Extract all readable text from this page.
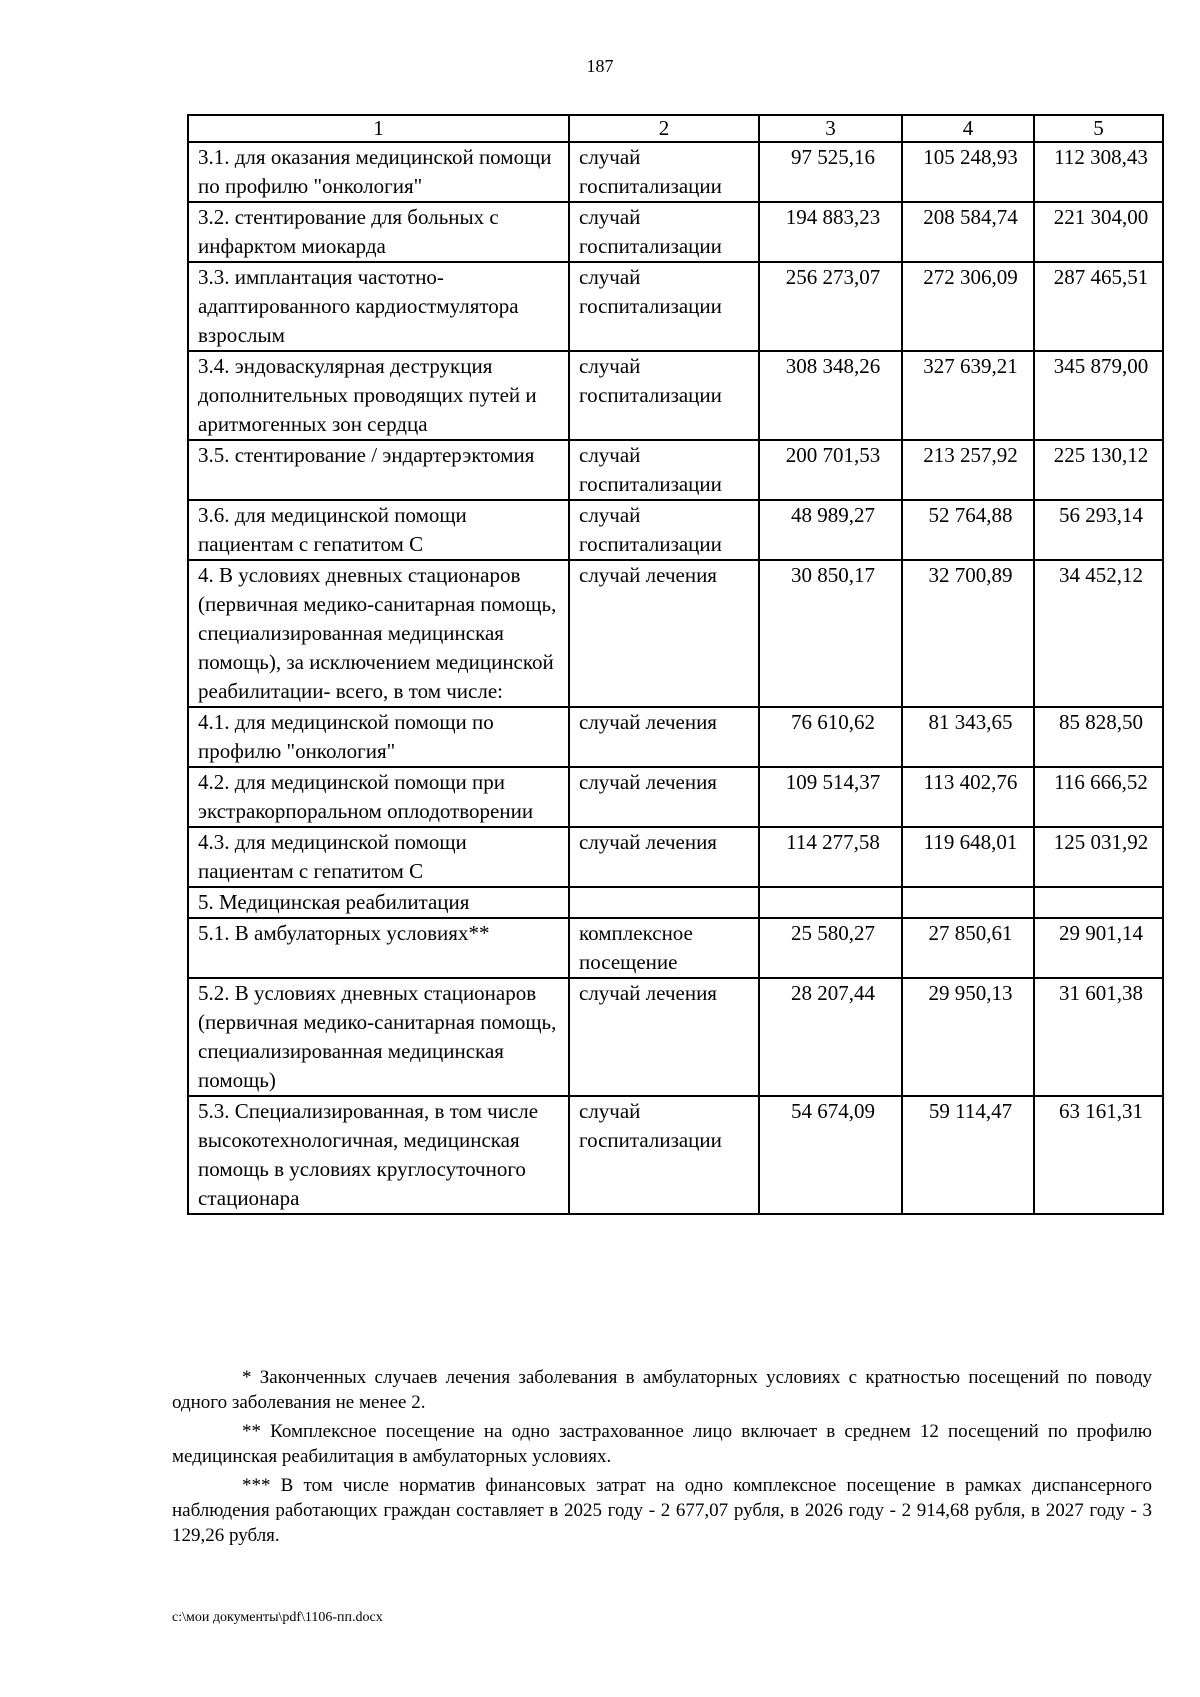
187
1	2	3	4	5
3.1. для оказания медицинской помощи по профилю "онкология"	случай госпитализации	97 525,16	105 248,93	112 308,43
3.2. стентирование для больных с инфарктом миокарда	случай госпитализации	194 883,23	208 584,74	221 304,00
3.3. имплантация частотно-адаптированного кардиостмулятора взрослым	случай госпитализации	256 273,07	272 306,09	287 465,51
3.4. эндоваскулярная деструкция дополнительных проводящих путей и аритмогенных зон сердца	случай госпитализации	308 348,26	327 639,21	345 879,00
3.5. стентирование / эндартерэктомия	случай госпитализации	200 701,53	213 257,92	225 130,12
3.6. для медицинской помощи пациентам с гепатитом С	случай госпитализации	48 989,27	52 764,88	56 293,14
4. В условиях дневных стационаров (первичная медико-санитарная помощь, специализированная медицинская помощь), за исключением медицинской реабилитации- всего, в том числе:	случай лечения	30 850,17	32 700,89	34 452,12
4.1. для медицинской помощи по профилю "онкология"	случай лечения	76 610,62	81 343,65	85 828,50
4.2. для медицинской помощи при экстракорпоральном оплодотворении	случай лечения	109 514,37	113 402,76	116 666,52
4.3. для медицинской помощи пациентам с гепатитом С	случай лечения	114 277,58	119 648,01	125 031,92
5. Медицинская реабилитация				
5.1. В амбулаторных условиях**	комплексное посещение	25 580,27	27 850,61	29 901,14
5.2. В условиях дневных стационаров (первичная медико-санитарная помощь, специализированная медицинская помощь)	случай лечения	28 207,44	29 950,13	31 601,38
5.3. Специализированная, в том числе высокотехнологичная, медицинская помощь в условиях круглосуточного стационара	случай госпитализации	54 674,09	59 114,47	63 161,31

* Законченных случаев лечения заболевания в амбулаторных условиях с кратностью посещений по поводу одного заболевания не менее 2.

** Комплексное посещение на одно застрахованное лицо включает в среднем 12 посещений по профилю медицинская реабилитация в амбулаторных условиях.

*** В том числе норматив финансовых затрат на одно комплексное посещение в рамках диспансерного наблюдения работающих граждан составляет в 2025 году - 2 677,07 рубля, в 2026 году - 2 914,68 рубля, в 2027 году - 3 129,26 рубля.

c:\мои документы\pdf\1106-пп.docx
